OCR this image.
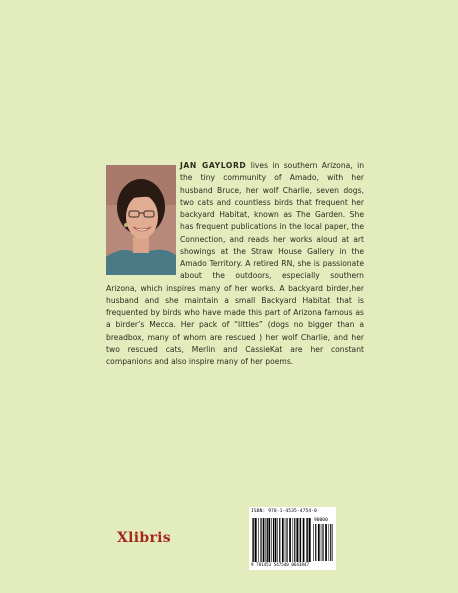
JAN GAYLORD lives in southern Arizona, in the tiny community of Amado, with her husband Bruce, her wolf Charlie, seven dogs, two cats and countless birds that frequent her backyard Habitat, known as The Garden. She has frequent publications in the local paper, the Connection, and reads her works aloud at art showings at the Straw House Gallery in the Amado Territory. A retired RN, she is passionate about the outdoors, especially southern Arizona, which inspires many of her works. A backyard birder,her husband and she maintain a small Backyard Habitat that is frequented by birds who have made this part of Arizona famous as a birder’s Mecca. Her pack of “littles” (dogs no bigger than a breadbox, many of whom are rescued ) her wolf Charlie, and her two rescued cats, Merlin and CassieKat are her constant companions and also inspire many of her poems.
Xlibris
ISBN: 978-1-4535-4754-0
90000
9 781453 547540 0643847
